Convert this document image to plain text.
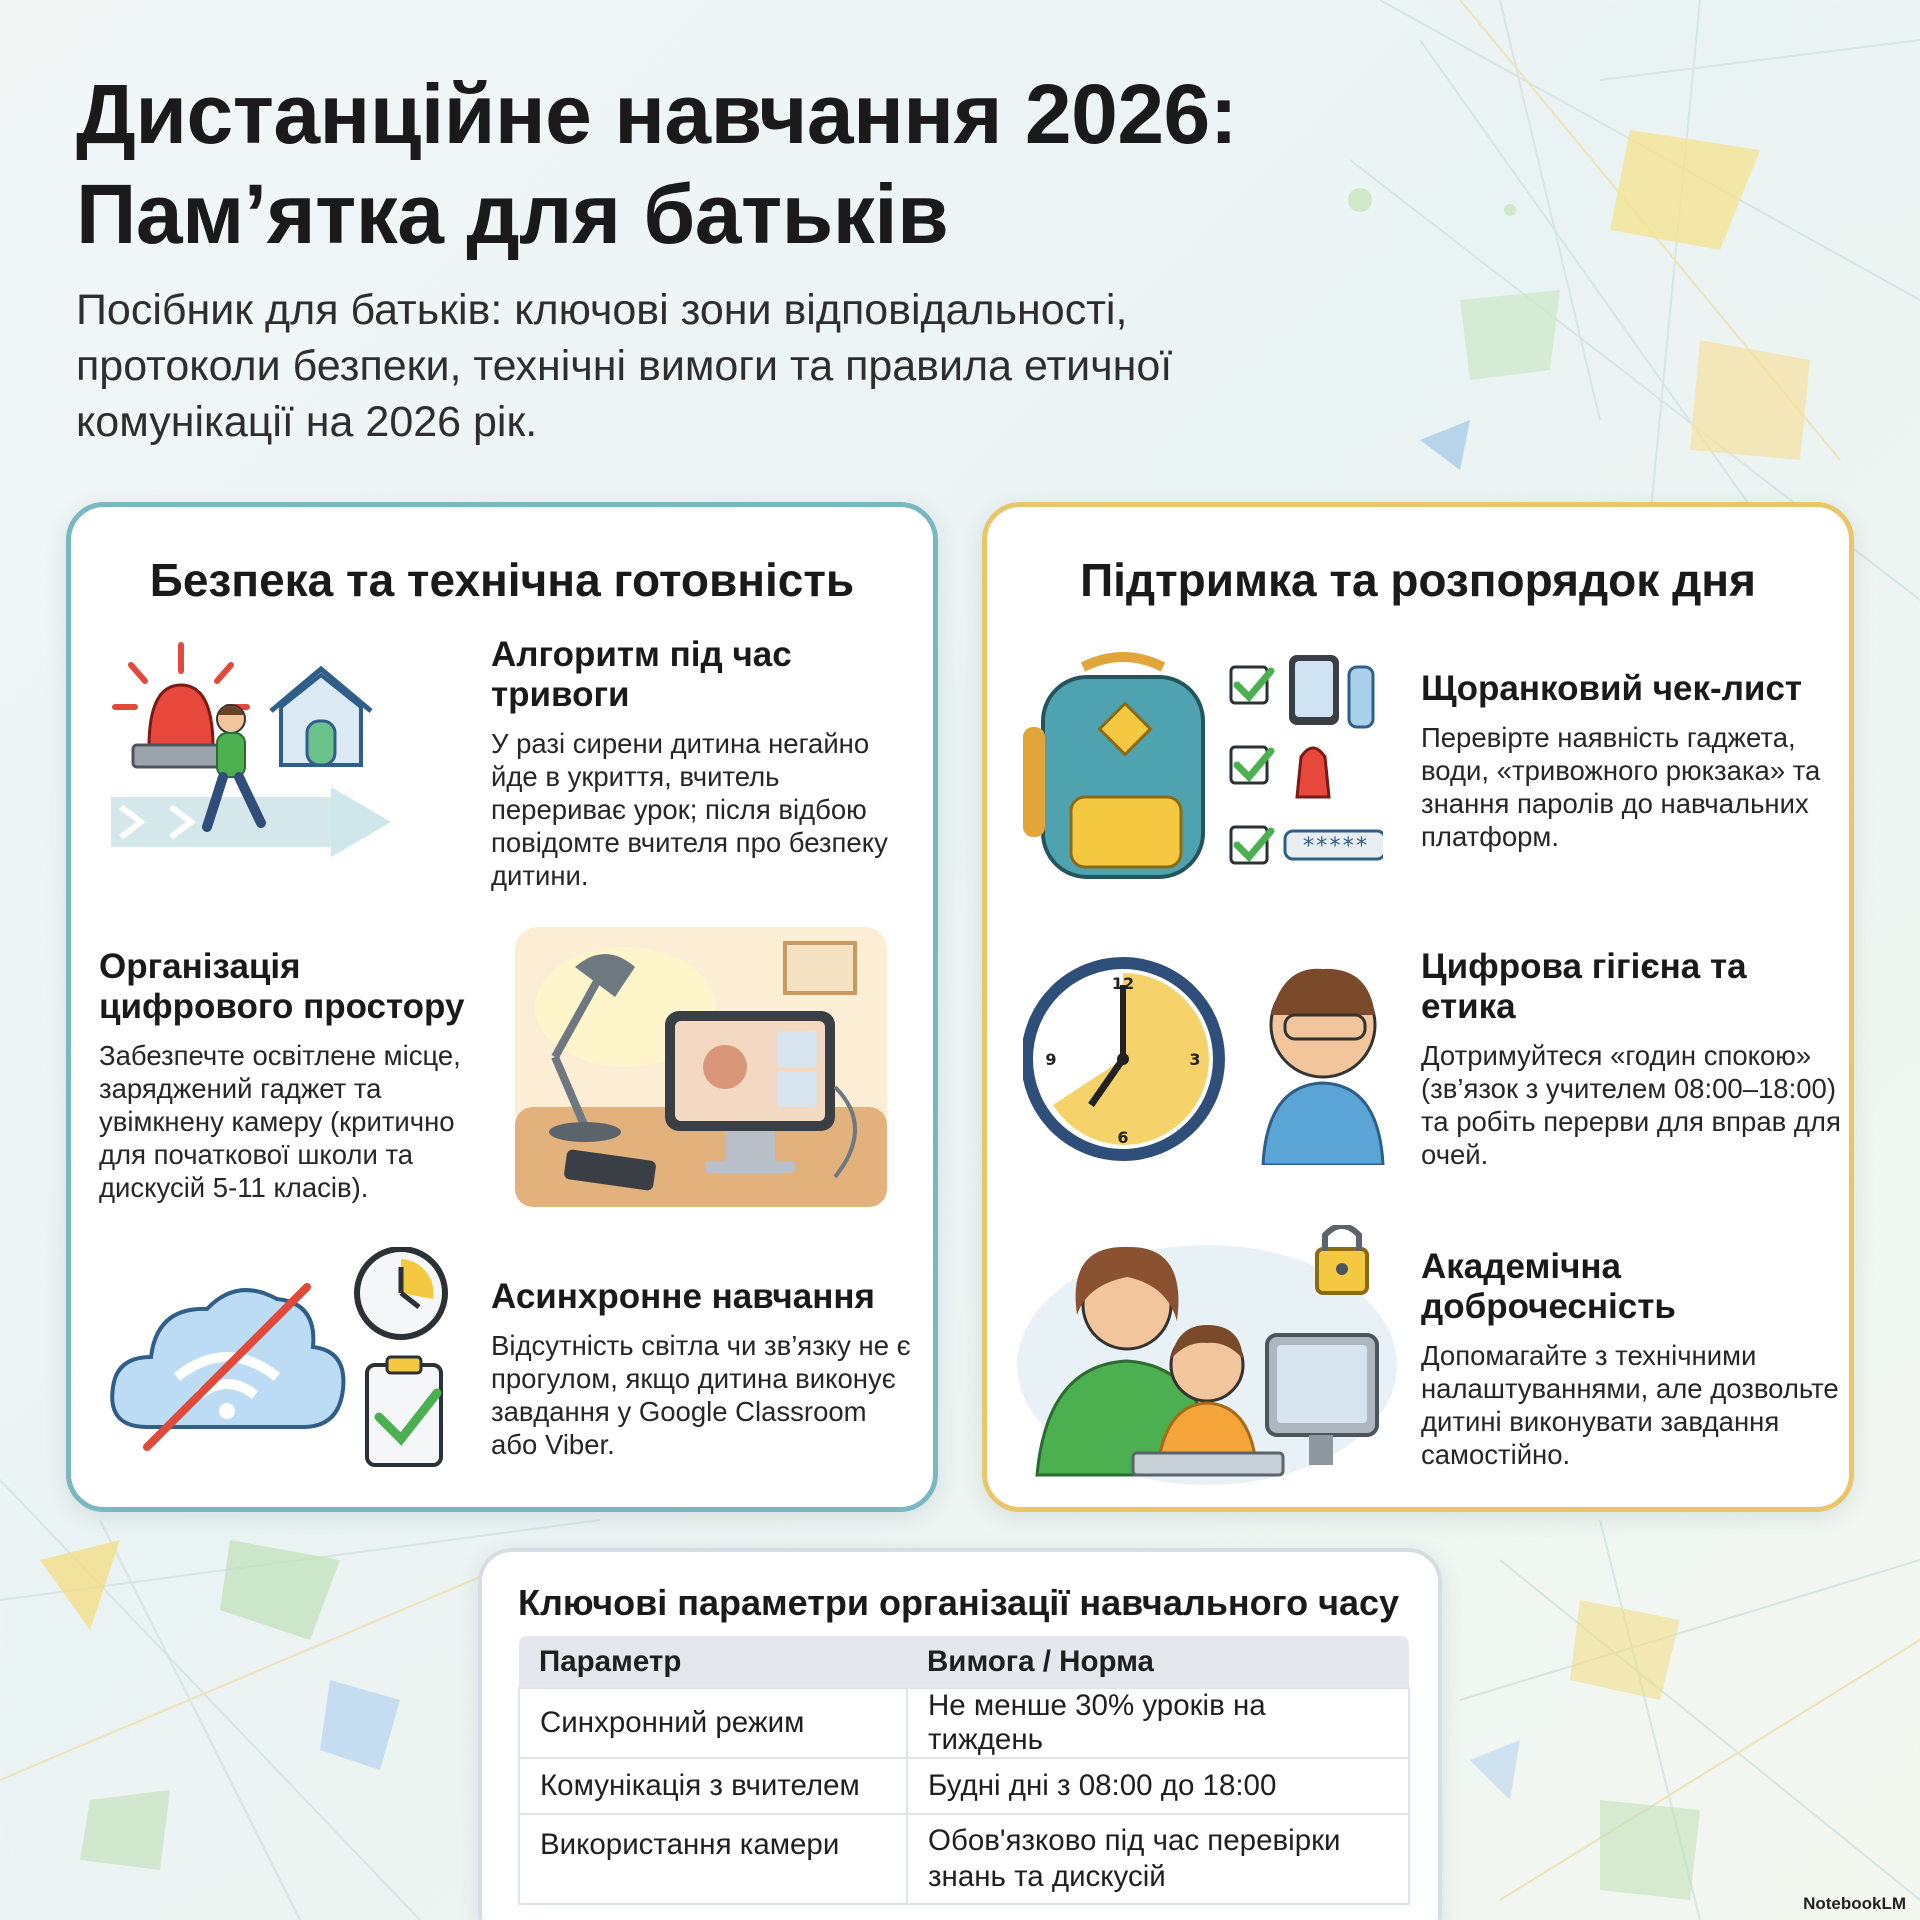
Дистанційне навчання 2026:
Пам’ятка для батьків
Посібник для батьків: ключові зони відповідальності, протоколи безпеки, технічні вимоги та правила етичної комунікації на 2026 рік.
Безпека та технічна готовність
Алгоритм під час тривоги
У разі сирени дитина негайно йде в укриття, вчитель перериває урок; після відбою повідомте вчителя про безпеку дитини.
Організація цифрового простору
Забезпечте освітлене місце, заряджений гаджет та увімкнену камеру (критично для початкової школи та дискусій 5-11 класів).
Асинхронне навчання
Відсутність світла чи зв’язку не є прогулом, якщо дитина виконує завдання у Google Classroom або Viber.
Підтримка та розпорядок дня
*****
Щоранковий чек-лист
Перевірте наявність гаджета, води, «тривожного рюкзака» та знання паролів до навчальних платформ.
12
3
6
9
Цифрова гігієна та етика
Дотримуйтеся «годин спокою» (зв’язок з учителем 08:00–18:00) та робіть перерви для вправ для очей.
Академічна доброчесність
Допомагайте з технічними налаштуваннями, але дозвольте дитині виконувати завдання самостійно.
Ключові параметри організації навчального часу
Параметр	Вимога / Норма
Синхронний режим	Не менше 30% уроків на тиждень
Комунікація з вчителем	Будні дні з 08:00 до 18:00
Використання камери	Обов'язково під час перевірки знань та дискусій
NotebookLM
